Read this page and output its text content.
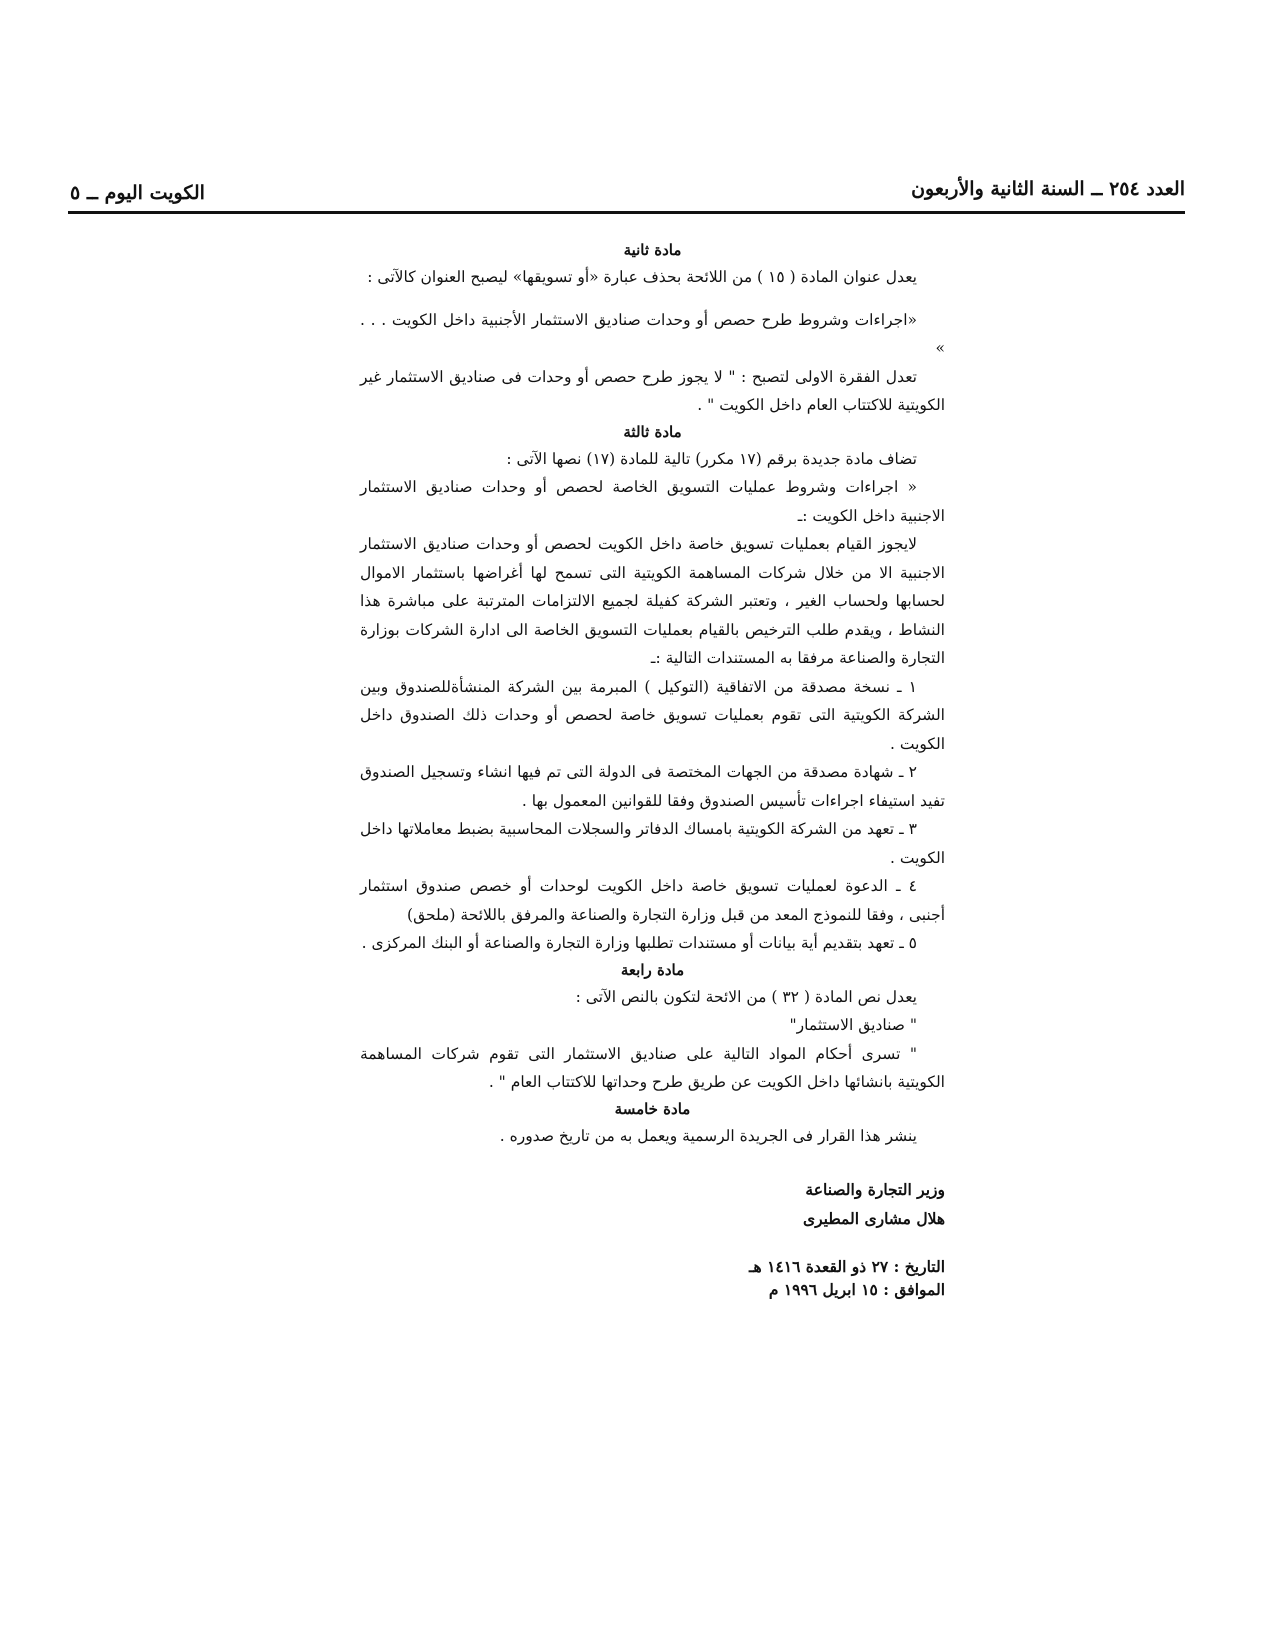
العدد ٢٥٤ ــ السنة الثانية والأربعون
الكويت اليوم ــ ٥

مادة ثانية

يعدل عنوان المادة ( ١٥ ) من اللائحة بحذف عبارة «أو تسويقها» ليصبح العنوان كالآتى :

«اجراءات وشروط طرح حصص أو وحدات صناديق الاستثمار الأجنبية داخل الكويت . . . »

تعدل الفقرة الاولى لتصبح : " لا يجوز طرح حصص أو وحدات فى صناديق الاستثمار غير الكويتية للاكتتاب العام داخل الكويت " .

مادة ثالثة

تضاف مادة جديدة برقم (١٧ مكرر) تالية للمادة (١٧) نصها الآتى :

« اجراءات وشروط عمليات التسويق الخاصة لحصص أو وحدات صناديق الاستثمار الاجنبية داخل الكويت :ـ

لايجوز القيام بعمليات تسويق خاصة داخل الكويت لحصص أو وحدات صناديق الاستثمار الاجنبية الا من خلال شركات المساهمة الكويتية التى تسمح لها أغراضها باستثمار الاموال لحسابها ولحساب الغير ، وتعتبر الشركة كفيلة لجميع الالتزامات المترتبة على مباشرة هذا النشاط ، ويقدم طلب الترخيص بالقيام بعمليات التسويق الخاصة الى ادارة الشركات بوزارة التجارة والصناعة مرفقا به المستندات التالية :ـ

١ ـ نسخة مصدقة من الاتفاقية (التوكيل ) المبرمة بين الشركة المنشأةللصندوق وبين الشركة الكويتية التى تقوم بعمليات تسويق خاصة لحصص أو وحدات ذلك الصندوق داخل الكويت .

٢ ـ شهادة مصدقة من الجهات المختصة فى الدولة التى تم فيها انشاء وتسجيل الصندوق تفيد استيفاء اجراءات تأسيس الصندوق وفقا للقوانين المعمول بها .

٣ ـ تعهد من الشركة الكويتية بامساك الدفاتر والسجلات المحاسبية بضبط معاملاتها داخل الكويت .

٤ ـ الدعوة لعمليات تسويق خاصة داخل الكويت لوحدات أو خصص صندوق استثمار أجنبى ، وفقا للنموذج المعد من قبل وزارة التجارة والصناعة والمرفق باللائحة (ملحق)

٥ ـ تعهد بتقديم أية بيانات أو مستندات تطلبها وزارة التجارة والصناعة أو البنك المركزى .

مادة رابعة

يعدل نص المادة ( ٣٢ ) من الائحة لتكون بالنص الآتى :

" صناديق الاستثمار"

" تسرى أحكام المواد التالية على صناديق الاستثمار التى تقوم شركات المساهمة الكويتية بانشائها داخل الكويت عن طريق طرح وحداتها للاكتتاب العام " .

مادة خامسة

ينشر هذا القرار فى الجريدة الرسمية ويعمل به من تاريخ صدوره .

وزير التجارة والصناعة

هلال مشارى المطيرى

التاريخ : ٢٧ ذو القعدة ١٤١٦ هـ

الموافق : ١٥ ابريل ١٩٩٦ م
